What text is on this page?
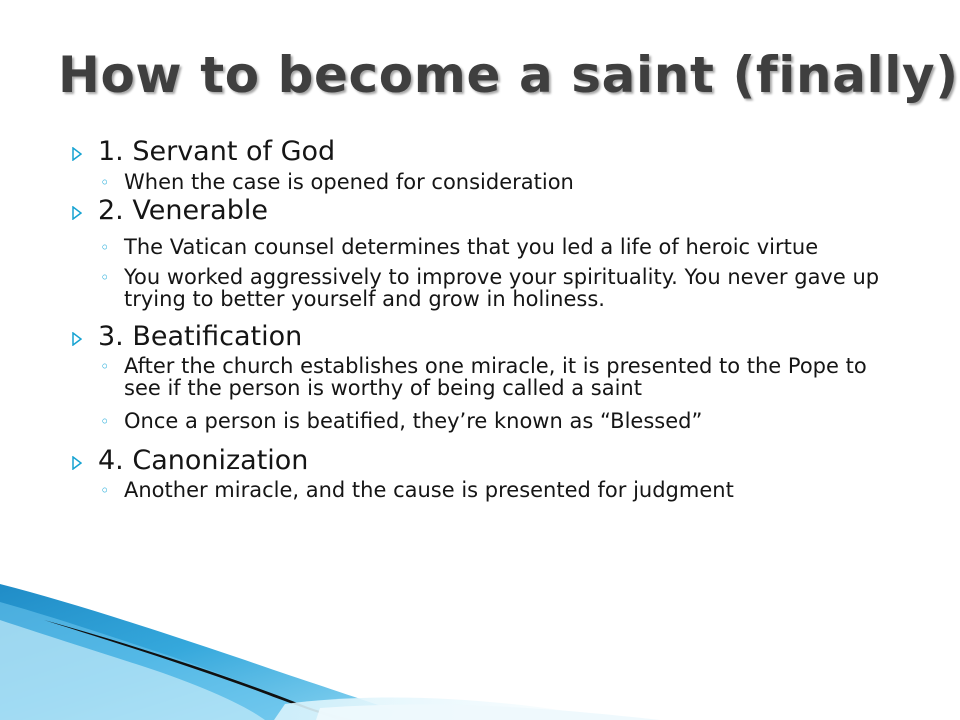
How to become a saint (finally)
1. Servant of God
◦ When the case is opened for consideration
2. Venerable
◦ The Vatican counsel determines that you led a life of heroic virtue
◦ You worked aggressively to improve your spirituality. You never gave up trying to better yourself and grow in holiness.
3. Beatification
◦ After the church establishes one miracle, it is presented to the Pope to see if the person is worthy of being called a saint
◦ Once a person is beatified, they’re known as “Blessed”
4. Canonization
◦ Another miracle, and the cause is presented for judgment
